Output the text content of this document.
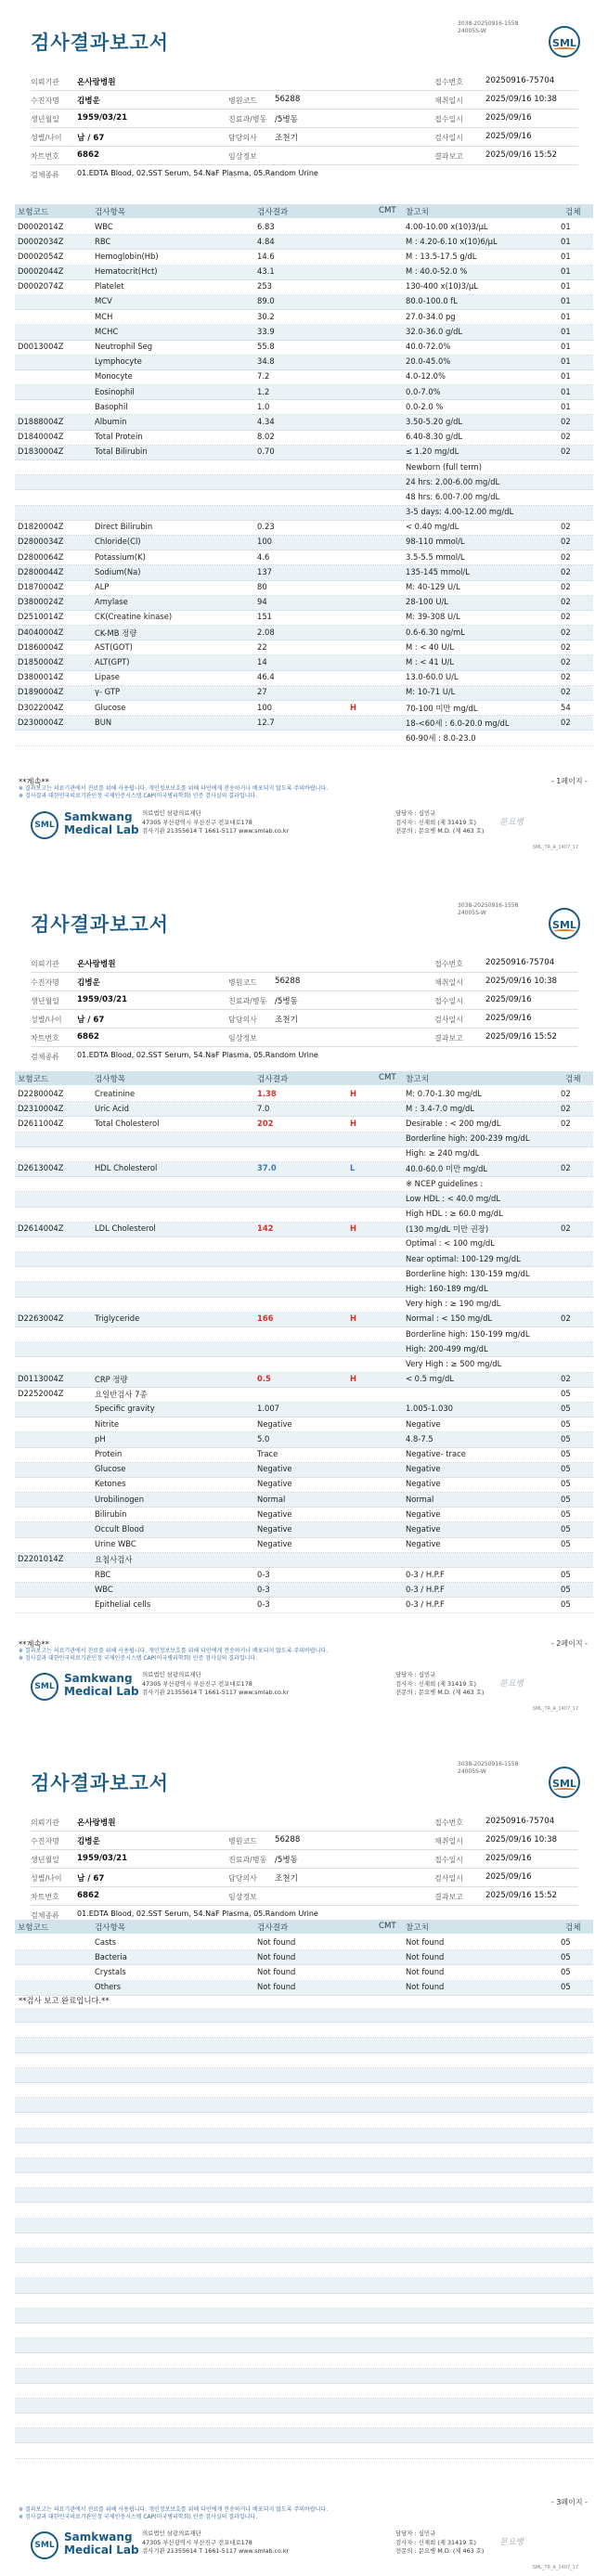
검사결과보고서
3038-20250916-1558
24005S-W
SML
의뢰기관 온사랑병원	접수번호	20250916-75704
수진자명 김병운	병원코드 56288	채취일시	2025/09/16 10:38
생년월일 1959/03/21	진료과/병동 /5병동	접수일시	2025/09/16
성별/나이 남 / 67	담당의사 조천기	검사일시	2025/09/16
차트번호 6862	임상정보	결과보고	2025/09/16 15:52
검체종류 01.EDTA Blood, 02.SST Serum, 54.NaF Plasma, 05.Random Urine
보험코드	검사항목	검사결과	CMT 참고치	검체
D0002014Z	WBC	6.83	4.00-10.00 x(10)3/μL	01
D0002034Z	RBC	4.84	M : 4.20-6.10 x(10)6/μL	01
D0002054Z	Hemoglobin(Hb)	14.6	M : 13.5-17.5 g/dL	01
D0002044Z	Hematocrit(Hct)	43.1	M : 40.0-52.0 %	01
D0002074Z	Platelet	253	130-400 x(10)3/μL	01
MCV	89.0	80.0-100.0 fL	01
MCH	30.2	27.0-34.0 pg	01
MCHC	33.9	32.0-36.0 g/dL	01
D0013004Z	Neutrophil Seg	55.8	40.0-72.0%	01
Lymphocyte	34.8	20.0-45.0%	01
Monocyte	7.2	4.0-12.0%	01
Eosinophil	1.2	0.0-7.0%	01
Basophil	1.0	0.0-2.0 %	01
D1888004Z	Albumin	4.34	3.50-5.20 g/dL	02
D1840004Z	Total Protein	8.02	6.40-8.30 g/dL	02
D1830004Z	Total Bilirubin	0.70	≤ 1.20 mg/dL	02
Newborn (full term)
24 hrs: 2.00-6.00 mg/dL
48 hrs: 6.00-7.00 mg/dL
3-5 days: 4.00-12.00 mg/dL
D1820004Z	Direct Bilirubin	0.23	< 0.40 mg/dL	02
D2800034Z	Chloride(Cl)	100	98-110 mmol/L	02
D2800064Z	Potassium(K)	4.6	3.5-5.5 mmol/L	02
D2800044Z	Sodium(Na)	137	135-145 mmol/L	02
D1870004Z	ALP	80	M: 40-129 U/L	02
D3800024Z	Amylase	94	28-100 U/L	02
D2510014Z	CK(Creatine kinase)	151	M: 39-308 U/L	02
D4040004Z	CK-MB 정량	2.08	0.6-6.30 ng/mL	02
D1860004Z	AST(GOT)	22	M : < 40 U/L	02
D1850004Z	ALT(GPT)	14	M : < 41 U/L	02
D3800014Z	Lipase	46.4	13.0-60.0 U/L	02
D1890004Z	γ- GTP	27	M: 10-71 U/L	02
D3022004Z	Glucose	100	H	70-100 미만 mg/dL	54
D2300004Z	BUN	12.7	18-<60세 : 6.0-20.0 mg/dL	02
60-90세 : 8.0-23.0
**계속**	- 1페이지 -
※ 결과보고는 의료기관에서 진료를 위해 사용됩니다. 개인정보보호를 위해 타인에게 전송하거나 배포되지 않도록 주의바랍니다.
※ 검사결과 대한민국의료기관인정 국제인증시스템 CAP(미국병리학회) 인증 검사실의 결과입니다.
SML
Samkwang
Medical Lab
의료법인 삼광의료재단
47305 부산광역시 부산진구 전포대로178
검사기관 21355614 T 1661-5117 www.smlab.co.kr
담당자 : 심민규
검사자 : 신재희 (제 31419 호)
전문의 : 문요병 M.D. (제 463 호)
문요병
SML_TR_A_1407_17
검사결과보고서
3038-20250916-1558
24005S-W
SML
의뢰기관 온사랑병원	접수번호	20250916-75704
수진자명 김병운	병원코드 56288	채취일시	2025/09/16 10:38
생년월일 1959/03/21	진료과/병동 /5병동	접수일시	2025/09/16
성별/나이 남 / 67	담당의사 조천기	검사일시	2025/09/16
차트번호 6862	임상정보	결과보고	2025/09/16 15:52
검체종류 01.EDTA Blood, 02.SST Serum, 54.NaF Plasma, 05.Random Urine
보험코드	검사항목	검사결과	CMT 참고치	검체
D2280004Z	Creatinine	1.38	H	M: 0.70-1.30 mg/dL	02
D2310004Z	Uric Acid	7.0	M : 3.4-7.0 mg/dL	02
D2611004Z	Total Cholesterol	202	H	Desirable : < 200 mg/dL	02
Borderline high: 200-239 mg/dL
High: ≥ 240 mg/dL
D2613004Z	HDL Cholesterol	37.0	L	40.0-60.0 미만 mg/dL	02
※ NCEP guidelines :
Low HDL : < 40.0 mg/dL
High HDL : ≥ 60.0 mg/dL
D2614004Z	LDL Cholesterol	142	H	(130 mg/dL 미만 권장)	02
Optimal : < 100 mg/dL
Near optimal: 100-129 mg/dL
Borderline high: 130-159 mg/dL
High: 160-189 mg/dL
Very high : ≥ 190 mg/dL
D2263004Z	Triglyceride	166	H	Normal : < 150 mg/dL	02
Borderline high: 150-199 mg/dL
High: 200-499 mg/dL
Very High : ≥ 500 mg/dL
D0113004Z	CRP 정량	0.5	H	< 0.5 mg/dL	02
D2252004Z	요일반검사 7종	05
Specific gravity	1.007	1.005-1.030	05
Nitrite	Negative	Negative	05
pH	5.0	4.8-7.5	05
Protein	Trace	Negative- trace	05
Glucose	Negative	Negative	05
Ketones	Negative	Negative	05
Urobilinogen	Normal	Normal	05
Bilirubin	Negative	Negative	05
Occult Blood	Negative	Negative	05
Urine WBC	Negative	Negative	05
D2201014Z	요침사검사
RBC	0-3	0-3 / H.P.F	05
WBC	0-3	0-3 / H.P.F	05
Epithelial cells	0-3	0-3 / H.P.F	05
**계속**	- 2페이지 -
※ 결과보고는 의료기관에서 진료를 위해 사용됩니다. 개인정보보호를 위해 타인에게 전송하거나 배포되지 않도록 주의바랍니다.
※ 검사결과 대한민국의료기관인정 국제인증시스템 CAP(미국병리학회) 인증 검사실의 결과입니다.
SML
Samkwang
Medical Lab
의료법인 삼광의료재단
47305 부산광역시 부산진구 전포대로178
검사기관 21355614 T 1661-5117 www.smlab.co.kr
담당자 : 심민규
검사자 : 신재희 (제 31419 호)
전문의 : 문요병 M.D. (제 463 호)
문요병
SML_TR_A_1407_17
검사결과보고서
3038-20250916-1558
24005S-W
SML
의뢰기관 온사랑병원	접수번호	20250916-75704
수진자명 김병운	병원코드 56288	채취일시	2025/09/16 10:38
생년월일 1959/03/21	진료과/병동 /5병동	접수일시	2025/09/16
성별/나이 남 / 67	담당의사 조천기	검사일시	2025/09/16
차트번호 6862	임상정보	결과보고	2025/09/16 15:52
검체종류 01.EDTA Blood, 02.SST Serum, 54.NaF Plasma, 05.Random Urine
보험코드	검사항목	검사결과	CMT 참고치	검체
Casts	Not found	Not found	05
Bacteria	Not found	Not found	05
Crystals	Not found	Not found	05
Others	Not found	Not found	05
**검사 보고 완료입니다.**
- 3페이지 -
※ 결과보고는 의료기관에서 진료를 위해 사용됩니다. 개인정보보호를 위해 타인에게 전송하거나 배포되지 않도록 주의바랍니다.
※ 검사결과 대한민국의료기관인정 국제인증시스템 CAP(미국병리학회) 인증 검사실의 결과입니다.
SML
Samkwang
Medical Lab
의료법인 삼광의료재단
47305 부산광역시 부산진구 전포대로178
검사기관 21355614 T 1661-5117 www.smlab.co.kr
담당자 : 심민규
검사자 : 신재희 (제 31419 호)
전문의 : 문요병 M.D. (제 463 호)
문요병
SML_TR_A_1407_17
